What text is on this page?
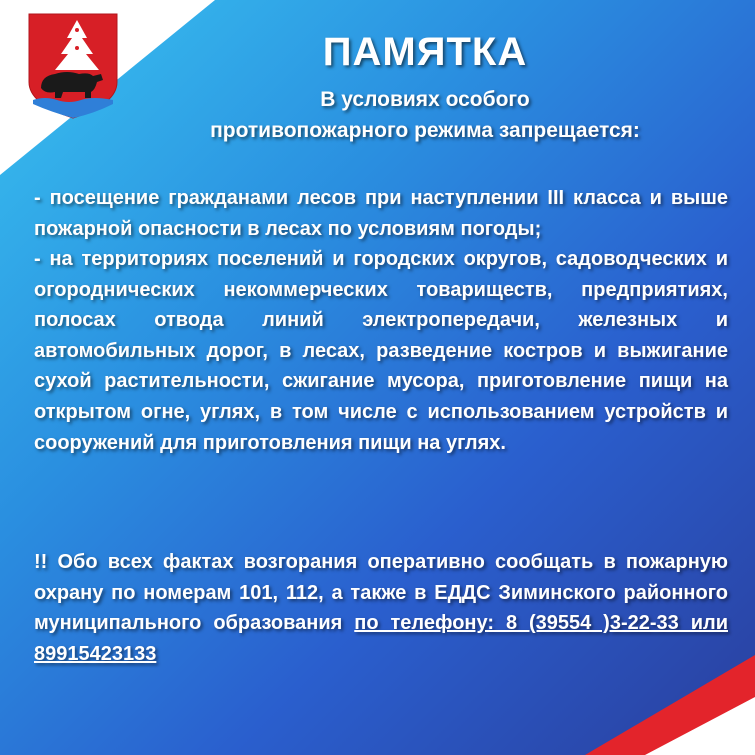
ПАМЯТКА
В условиях особого
противопожарного режима запрещается:
- посещение гражданами лесов при наступлении III класса и выше пожарной опасности в лесах по условиям погоды;
- на территориях поселений и городских округов, садоводческих и огороднических некоммерческих товариществ, предприятиях, полосах отвода линий электропередачи, железных и автомобильных дорог, в лесах, разведение костров и выжигание сухой растительности, сжигание мусора, приготовление пищи на открытом огне, углях, в том числе с использованием устройств и сооружений для приготовления пищи на углях.
!! Обо всех фактах возгорания оперативно сообщать в пожарную охрану по номерам 101, 112, а также в ЕДДС Зиминского районного муниципального образования по телефону: 8 (39554 )3-22-33 или 89915423133
